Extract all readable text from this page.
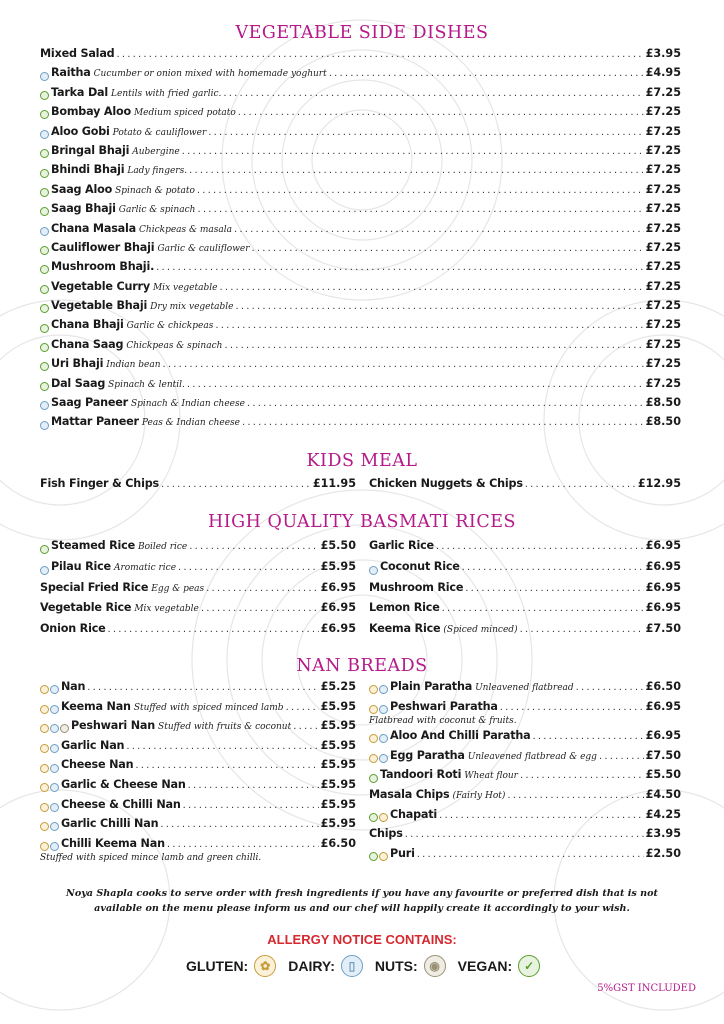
VEGETABLE SIDE DISHES
Mixed Salad .....	£3.95
Raitha Cucumber or onion mixed with homemade yoghurt .....	£4.95
Tarka Dal Lentils with fried garlic. .....	£7.25
Bombay Aloo Medium spiced potato .....	£7.25
Aloo Gobi Potato & cauliflower .....	£7.25
Bringal Bhaji Aubergine .....	£7.25
Bhindi Bhaji Lady fingers. .....	£7.25
Saag Aloo Spinach & potato .....	£7.25
Saag Bhaji Garlic & spinach .....	£7.25
Chana Masala Chickpeas & masala .....	£7.25
Cauliflower Bhaji Garlic & cauliflower .....	£7.25
Mushroom Bhaji. .....	£7.25
Vegetable Curry Mix vegetable .....	£7.25
Vegetable Bhaji Dry mix vegetable .....	£7.25
Chana Bhaji Garlic & chickpeas .....	£7.25
Chana Saag Chickpeas & spinach .....	£7.25
Uri Bhaji Indian bean .....	£7.25
Dal Saag Spinach & lentil. .....	£7.25
Saag Paneer Spinach & Indian cheese .....	£8.50
Mattar Paneer Peas & Indian cheese .....	£8.50
KIDS MEAL
Fish Finger & Chips .....	£11.95 Chicken Nuggets & Chips .....	£12.95
HIGH QUALITY BASMATI RICES
Steamed Rice Boiled rice .....	£5.50
Pilau Rice Aromatic rice .....	£5.95
Special Fried Rice Egg & peas .....	£6.95
Vegetable Rice Mix vegetable .....	£6.95
Onion Rice .....	£6.95
Garlic Rice .....	£6.95
Coconut Rice .....	£6.95
Mushroom Rice .....	£6.95
Lemon Rice .....	£6.95
Keema Rice (Spiced minced) .....	£7.50
NAN BREADS
Nan .....	£5.25
Keema Nan Stuffed with spiced minced lamb .....	£5.95
Peshwari Nan Stuffed with fruits & coconut .....	£5.95
Garlic Nan .....	£5.95
Cheese Nan .....	£5.95
Garlic & Cheese Nan .....	£5.95
Cheese & Chilli Nan .....	£5.95
Garlic Chilli Nan .....	£5.95
Chilli Keema Nan .....	£6.50
Stuffed with spiced mince lamb and green chilli.
Plain Paratha Unleavened flatbread .....	£6.50
Peshwari Paratha .....	£6.95
Flatbread with coconut & fruits.
Aloo And Chilli Paratha .....	£6.95
Egg Paratha Unleavened flatbread & egg .....	£7.50
Tandoori Roti Wheat flour .....	£5.50
Masala Chips (Fairly Hot) .....	£4.50
Chapati .....	£4.25
Chips .....	£3.95
Puri .....	£2.50
Noya Shapla cooks to serve order with fresh ingredients if you have any favourite or preferred dish that is not
available on the menu please inform us and our chef will happily create it accordingly to your wish.
ALLERGY NOTICE CONTAINS:
GLUTEN: ✿	DAIRY:	▯	NUTS: ◉	VEGAN: ✓
5%GST INCLUDED
